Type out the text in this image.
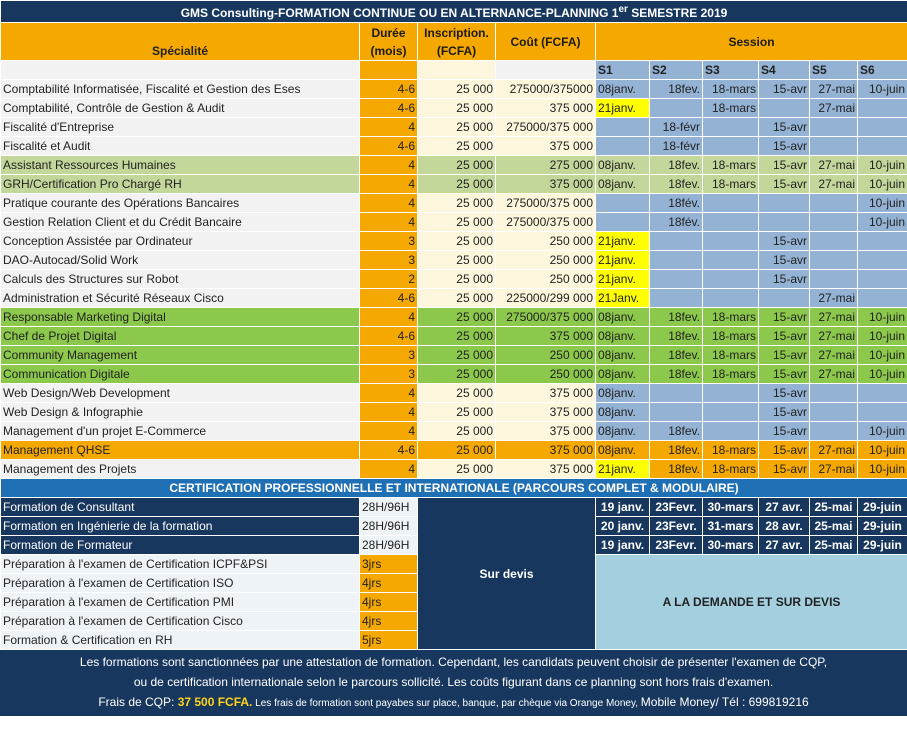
GMS Consulting-FORMATION CONTINUE OU EN ALTERNANCE-PLANNING 1er SEMESTRE 2019									
Spécialité	Durée (mois)	Inscription. (FCFA)	Coût (FCFA)	Session					
				S1	S2	S3	S4	S5	S6
Comptabilité Informatisée, Fiscalité et Gestion des Eses	4-6	25 000	275000/375000	08janv.	18fev.	18-mars	15-avr	27-mai	10-juin
Comptabilité, Contrôle de Gestion & Audit	4-6	25 000	375 000	21janv.		18-mars		27-mai	
Fiscalité d'Entreprise	4	25 000	275000/375 000		18-févr		15-avr		
Fiscalité et Audit	4-6	25 000	375 000		18-févr		15-avr		
Assistant Ressources Humaines	4	25 000	275 000	08janv.	18fev.	18-mars	15-avr	27-mai	10-juin
GRH/Certification Pro Chargé RH	4	25 000	375 000	08janv.	18fev.	18-mars	15-avr	27-mai	10-juin
Pratique courante des Opérations Bancaires	4	25 000	275000/375 000		18fév.				10-juin
Gestion Relation Client et du Crédit Bancaire	4	25 000	275000/375 000		18fév.				10-juin
Conception Assistée par Ordinateur	3	25 000	250 000	21janv.			15-avr		
DAO-Autocad/Solid Work	3	25 000	250 000	21janv.			15-avr		
Calculs des Structures sur Robot	2	25 000	250 000	21janv.			15-avr		
Administration et Sécurité Réseaux Cisco	4-6	25 000	225000/299 000	21Janv.				27-mai	
Responsable Marketing Digital	4	25 000	275000/375 000	08janv.	18fev.	18-mars	15-avr	27-mai	10-juin
Chef de Projet Digital	4-6	25 000	375 000	08janv.	18fev.	18-mars	15-avr	27-mai	10-juin
Community Management	3	25 000	250 000	08janv.	18fev.	18-mars	15-avr	27-mai	10-juin
Communication Digitale	3	25 000	250 000	08janv.	18fev.	18-mars	15-avr	27-mai	10-juin
Web Design/Web Development	4	25 000	375 000	08janv.			15-avr		
Web Design & Infographie	4	25 000	375 000	08janv.			15-avr		
Management d'un projet E-Commerce	4	25 000	375 000	08janv.	18fev.		15-avr		10-juin
Management QHSE	4-6	25 000	375 000	08janv.	18fev.	18-mars	15-avr	27-mai	10-juin
Management des Projets	4	25 000	375 000	21janv.	18fev.	18-mars	15-avr	27-mai	10-juin
CERTIFICATION PROFESSIONNELLE ET INTERNATIONALE (PARCOURS COMPLET & MODULAIRE)									
Formation de Consultant	28H/96H	Sur devis		19 janv.	23Fevr.	30-mars	27 avr.	25-mai	29-juin
Formation en Ingénierie de la formation	28H/96H			20 janv.	23Fevr.	31-mars	28 avr.	25-mai	29-juin
Formation de Formateur	28H/96H			19 janv.	23Fevr.	30-mars	27 avr.	25-mai	29-juin
Préparation à l'examen de Certification ICPF&PSI	3jrs			A LA DEMANDE ET SUR DEVIS					
Préparation à l'examen de Certification ISO	4jrs								
Préparation à l'examen de Certification PMI	4jrs								
Préparation à l'examen de Certification Cisco	4jrs								
Formation & Certification en RH	5jrs								
Les formations sont sanctionnées par une attestation de formation. Cependant, les candidats peuvent choisir de présenter l'examen de CQP,
ou de certification internationale selon le parcours sollicité. Les coûts figurant dans ce planning sont hors frais d'examen.
Frais de CQP: 37 500 FCFA. Les frais de formation sont payabes sur place, banque, par chèque via Orange Money, Mobile Money/ Tél : 699819216
